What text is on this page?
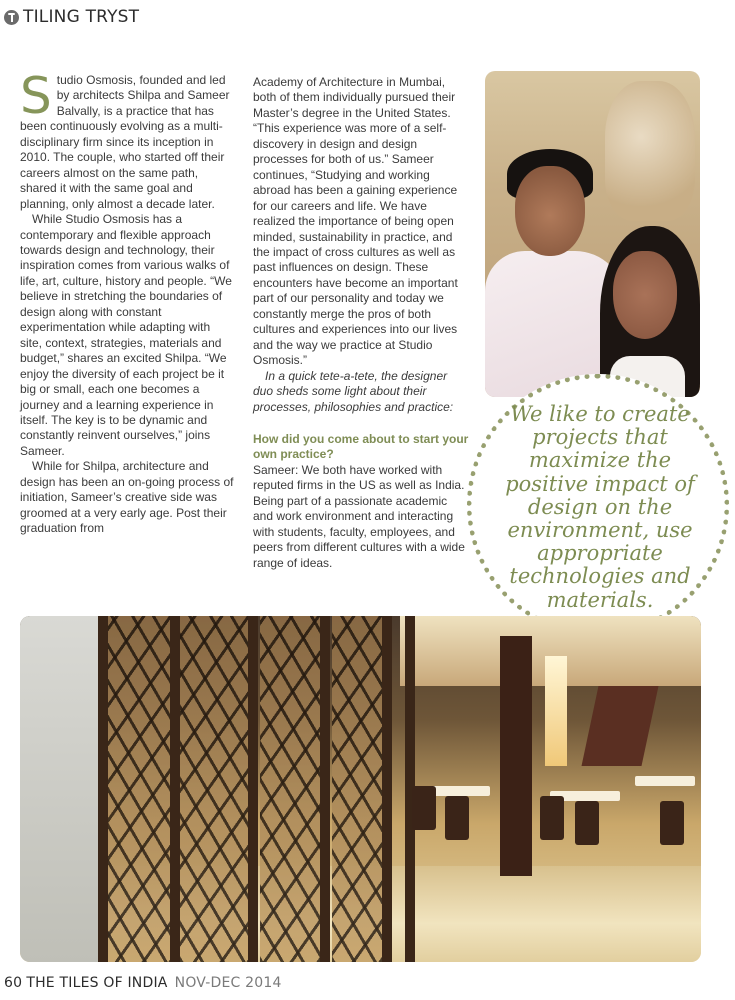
TILING TRYST

Studio Osmosis, founded and led by architects Shilpa and Sameer Balvally, is a practice that has been continuously evolving as a multi-disciplinary firm since its inception in 2010. The couple, who started off their careers almost on the same path, shared it with the same goal and planning, only almost a decade later.

While Studio Osmosis has a contemporary and flexible approach towards design and technology, their inspiration comes from various walks of life, art, culture, history and people. “We believe in stretching the boundaries of design along with constant experimentation while adapting with site, context, strategies, materials and budget,” shares an excited Shilpa. “We enjoy the diversity of each project be it big or small, each one becomes a journey and a learning experience in itself. The key is to be dynamic and constantly reinvent ourselves,” joins Sameer.

While for Shilpa, architecture and design has been an on-going process of initiation, Sameer’s creative side was groomed at a very early age. Post their graduation from

Academy of Architecture in Mumbai, both of them individually pursued their Master’s degree in the United States. “This experience was more of a self-discovery in design and design processes for both of us.” Sameer continues, “Studying and working abroad has been a gaining experience for our careers and life. We have realized the importance of being open minded, sustainability in practice, and the impact of cross cultures as well as past influences on design. These encounters have become an important part of our personality and today we constantly merge the pros of both cultures and experiences into our lives and the way we practice at Studio Osmosis.”

In a quick tete-a-tete, the designer duo sheds some light about their processes, philosophies and practice:

How did you come about to start your own practice?

Sameer: We both have worked with reputed firms in the US as well as India. Being part of a passionate academic and work environment and interacting with students, faculty, employees, and peers from different cultures with a wide range of ideas.

We like to create projects that maximize the positive impact of design on the environment, use appropriate technologies and materials.
60 THE TILES OF INDIA NOV-DEC 2014
